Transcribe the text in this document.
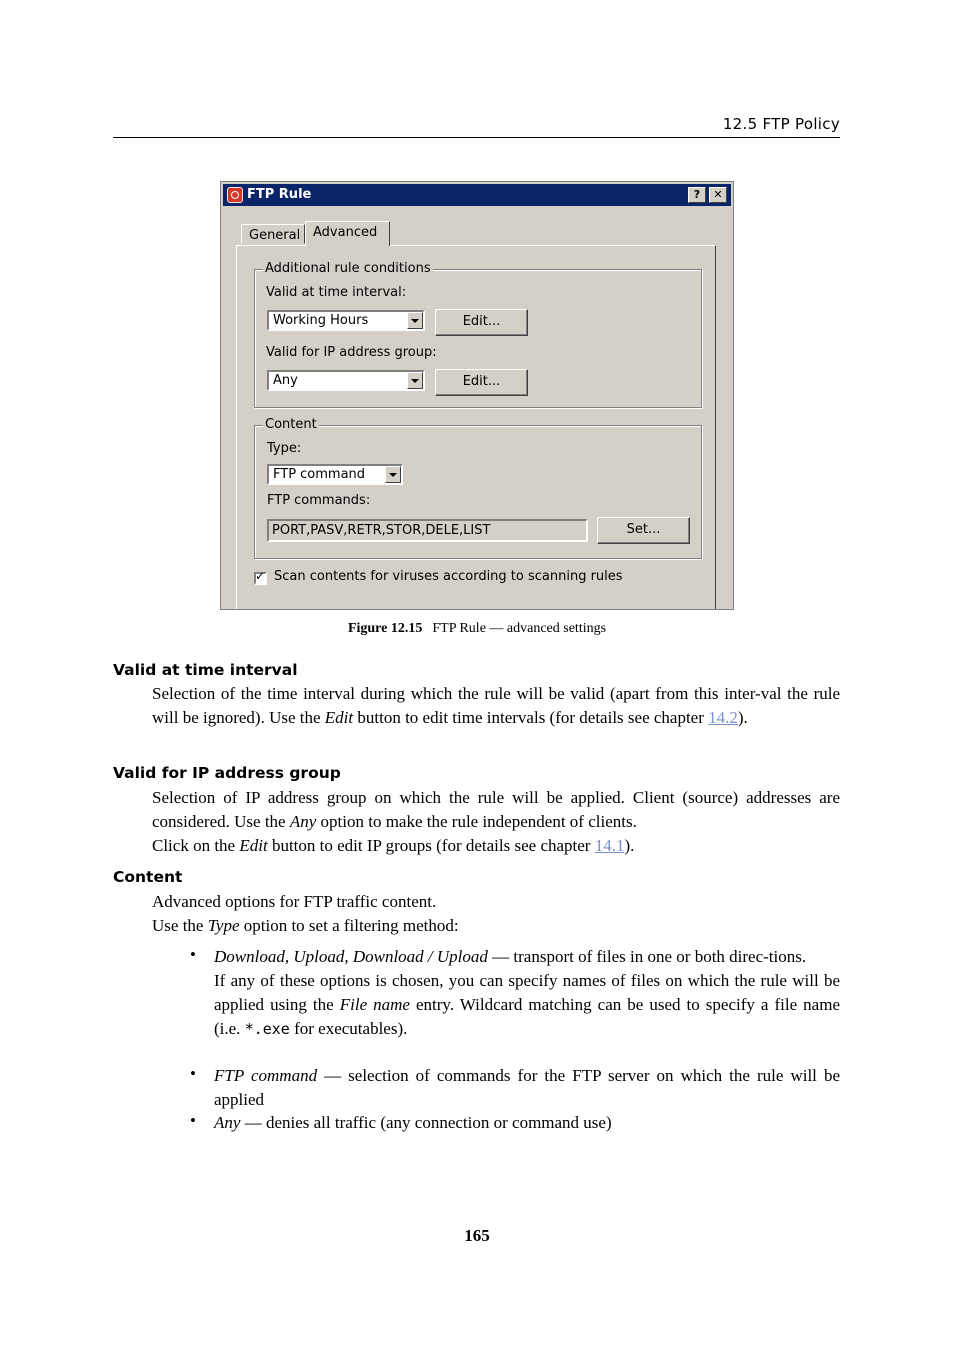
12.5 FTP Policy
FTP Rule	?	✕
General Advanced
Additional rule conditions
Valid at time interval:
Working Hours	Edit...
Valid for IP address group:
Any	Edit...
Content
Type:
FTP command
FTP commands:
PORT,PASV,RETR,STOR,DELE,LIST	Set...
✓
Scan contents for viruses according to scanning rules
Figure 12.15 FTP Rule — advanced settings
Valid at time interval
Selection of the time interval during which the rule will be valid (apart from this inter-val the rule will be ignored). Use the Edit button to edit time intervals (for details see chapter 14.2).
Valid for IP address group
Selection of IP address group on which the rule will be applied. Client (source) addresses are considered. Use the Any option to make the rule independent of clients.
Click on the Edit button to edit IP groups (for details see chapter 14.1).
Content
Advanced options for FTP traffic content.
Use the Type option to set a filtering method:
• Download, Upload, Download / Upload — transport of files in one or both direc-tions.
If any of these options is chosen, you can specify names of files on which the rule will be applied using the File name entry. Wildcard matching can be used to specify a file name (i.e. *.exe for executables).
• FTP command — selection of commands for the FTP server on which the rule will be applied
• Any — denies all traffic (any connection or command use)
165
